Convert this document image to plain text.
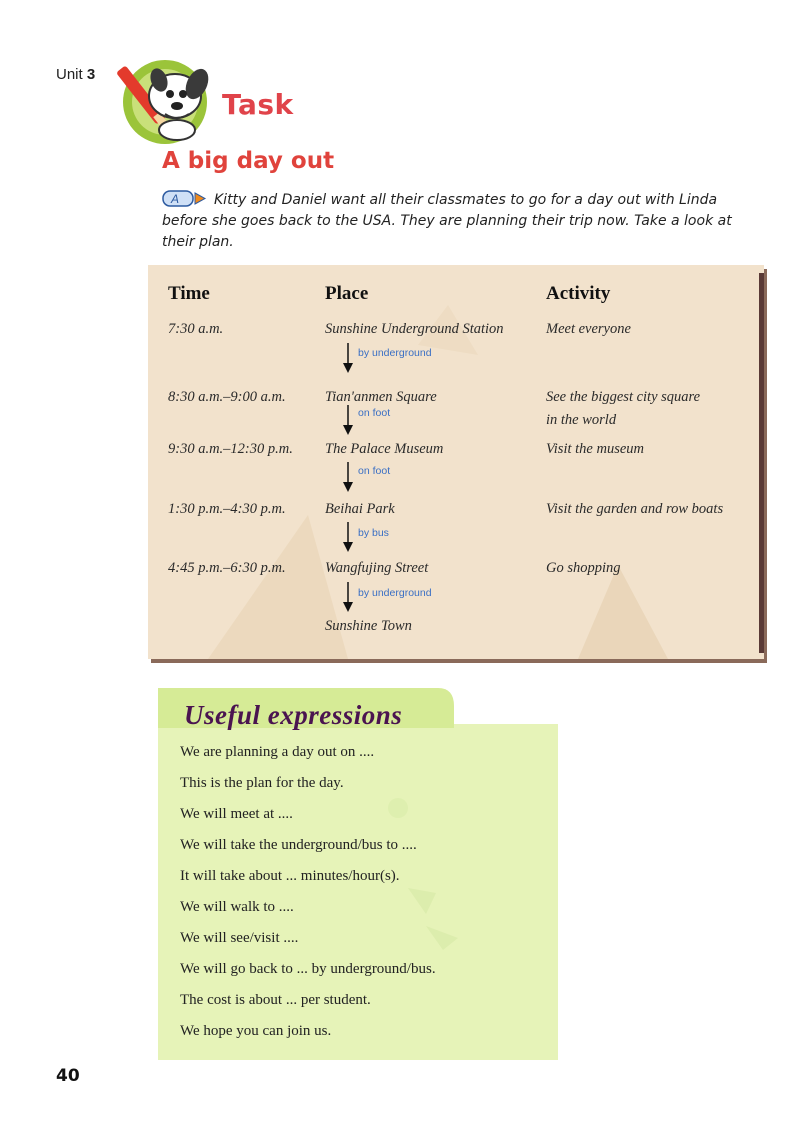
Unit 3
Task
A big day out
A Kitty and Daniel want all their classmates to go for a day out with Linda before she goes back to the USA. They are planning their trip now. Take a look at their plan.
Time	Place	Activity
7:30 a.m.	Sunshine Underground Station	Meet everyone
by underground
8:30 a.m.–9:00 a.m.	Tian'anmen Square	See the biggest city square
in the world
on foot
9:30 a.m.–12:30 p.m. The Palace Museum	Visit the museum
on foot
1:30 p.m.–4:30 p.m.	Beihai Park	Visit the garden and row boats
by bus
4:45 p.m.–6:30 p.m.	Wangfujing Street	Go shopping
by underground
Sunshine Town
Useful expressions
We are planning a day out on ....
This is the plan for the day.
We will meet at ....
We will take the underground/bus to ....
It will take about ... minutes/hour(s).
We will walk to ....
We will see/visit ....
We will go back to ... by underground/bus.
The cost is about ... per student.
We hope you can join us.
40
